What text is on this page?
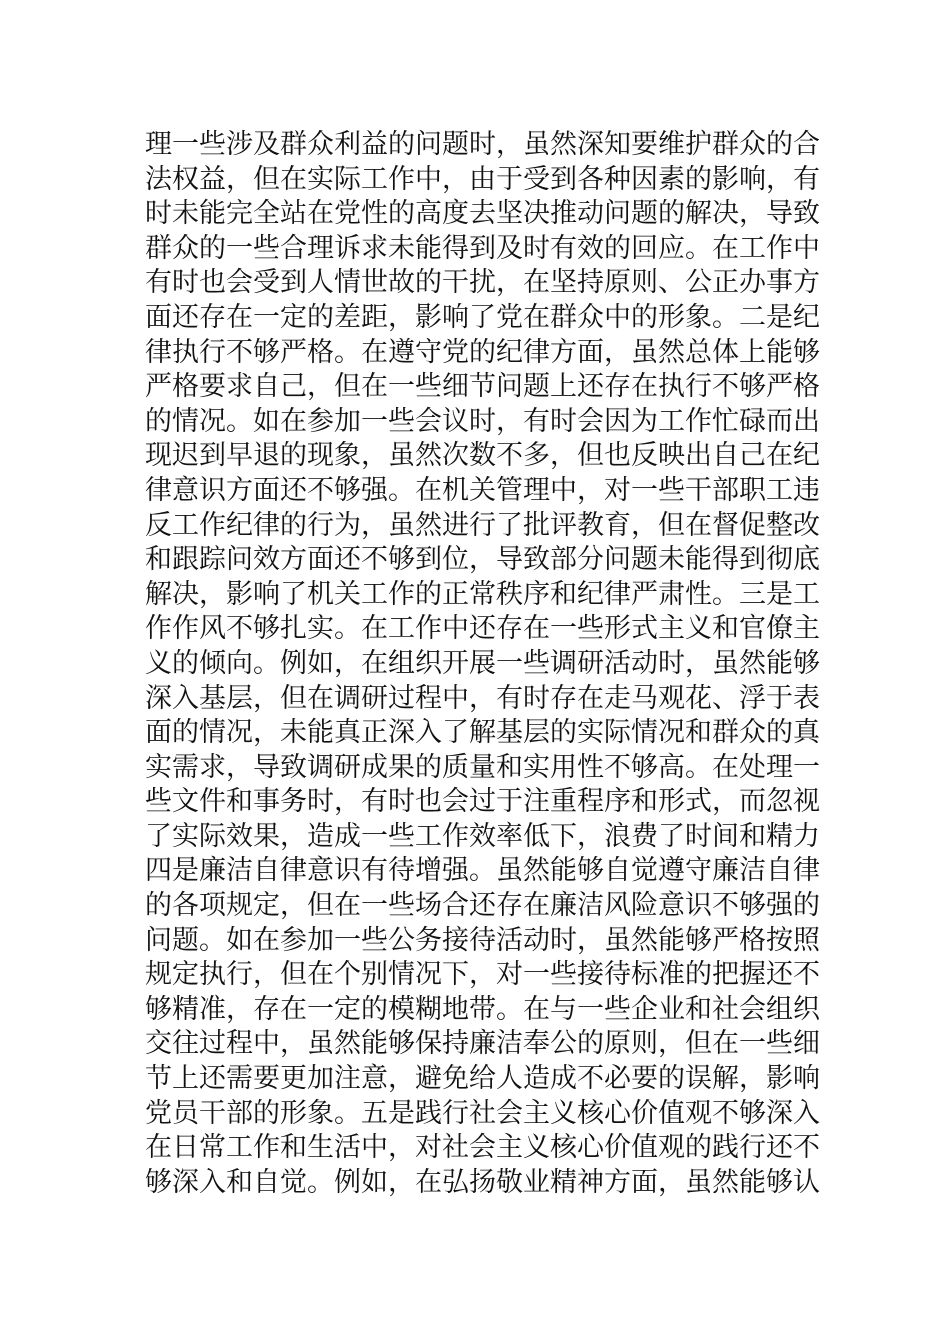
理一些涉及群众利益的问题时，虽然深知要维护群众的合
法权益，但在实际工作中，由于受到各种因素的影响，有
时未能完全站在党性的高度去坚决推动问题的解决，导致
群众的一些合理诉求未能得到及时有效的回应。在工作中
有时也会受到人情世故的干扰，在坚持原则、公正办事方
面还存在一定的差距，影响了党在群众中的形象。二是纪
律执行不够严格。在遵守党的纪律方面，虽然总体上能够
严格要求自己，但在一些细节问题上还存在执行不够严格
的情况。如在参加一些会议时，有时会因为工作忙碌而出
现迟到早退的现象，虽然次数不多，但也反映出自己在纪
律意识方面还不够强。在机关管理中，对一些干部职工违
反工作纪律的行为，虽然进行了批评教育，但在督促整改
和跟踪问效方面还不够到位，导致部分问题未能得到彻底
解决，影响了机关工作的正常秩序和纪律严肃性。三是工
作作风不够扎实。在工作中还存在一些形式主义和官僚主
义的倾向。例如，在组织开展一些调研活动时，虽然能够
深入基层，但在调研过程中，有时存在走马观花、浮于表
面的情况，未能真正深入了解基层的实际情况和群众的真
实需求，导致调研成果的质量和实用性不够高。在处理一
些文件和事务时，有时也会过于注重程序和形式，而忽视
了实际效果，造成一些工作效率低下，浪费了时间和精力
四是廉洁自律意识有待增强。虽然能够自觉遵守廉洁自律
的各项规定，但在一些场合还存在廉洁风险意识不够强的
问题。如在参加一些公务接待活动时，虽然能够严格按照
规定执行，但在个别情况下，对一些接待标准的把握还不
够精准，存在一定的模糊地带。在与一些企业和社会组织
交往过程中，虽然能够保持廉洁奉公的原则，但在一些细
节上还需要更加注意，避免给人造成不必要的误解，影响
党员干部的形象。五是践行社会主义核心价值观不够深入
在日常工作和生活中，对社会主义核心价值观的践行还不
够深入和自觉。例如，在弘扬敬业精神方面，虽然能够认
